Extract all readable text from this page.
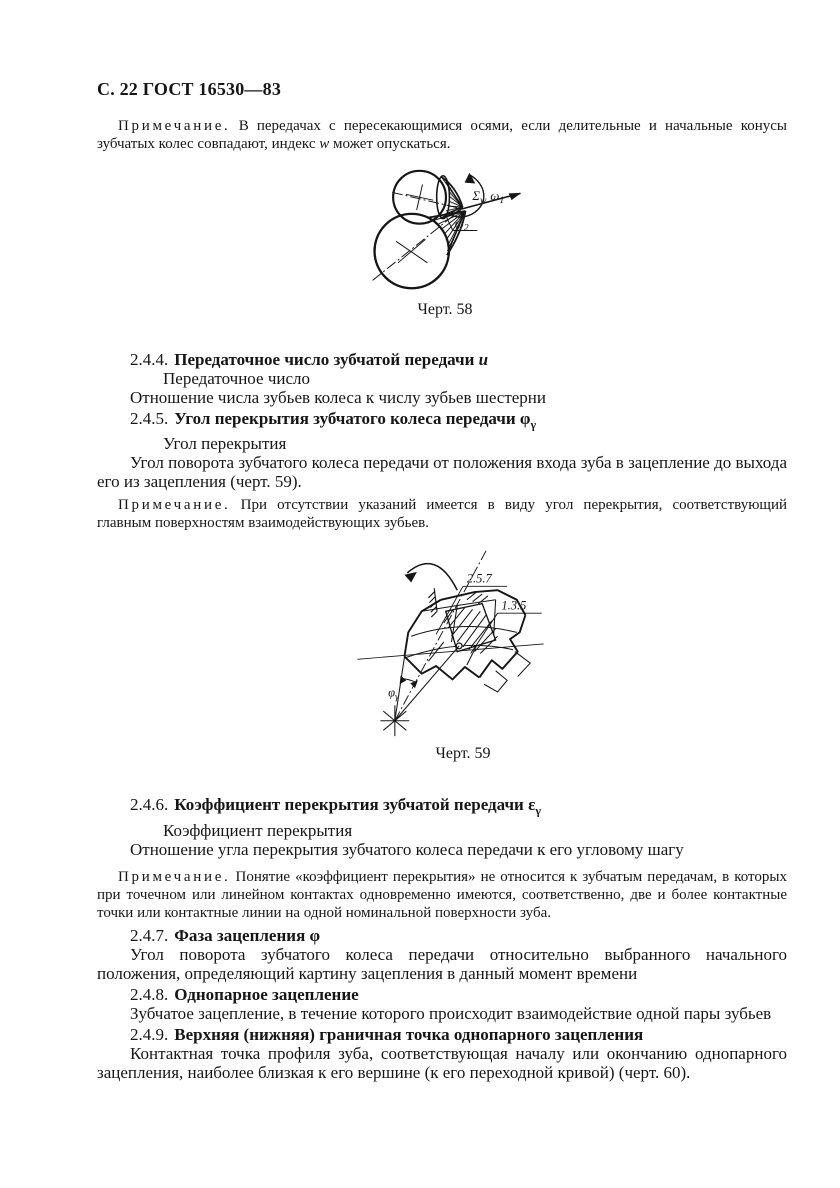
С. 22 ГОСТ 16530—83

Примечание. В передачах с пересекающимися осями, если делительные и начальные конусы зубчатых колес совпадают, индекс w может опускаться.

$\Sigma_w$ $\omega_1$
$\omega_2$
Черт. 58

2.4.4. Передаточное число зубчатой передачи u

Передаточное число

Отношение числа зубьев колеса к числу зубьев шестерни

2.4.5. Угол перекрытия зубчатого колеса передачи $\varphi_\gamma$

Угол перекрытия

Угол поворота зубчатого колеса передачи от положения входа зуба в зацепление до выхода его из зацепления (черт. 59).

Примечание. При отсутствии указаний имеется в виду угол перекрытия, соответствующий главным поверхностям взаимодействующих зубьев.

2.5.7
1.3.5
$\varphi_\gamma$
Черт. 59

2.4.6. Коэффициент перекрытия зубчатой передачи $\varepsilon_\gamma$

Коэффициент перекрытия

Отношение угла перекрытия зубчатого колеса передачи к его угловому шагу

Примечание. Понятие «коэффициент перекрытия» не относится к зубчатым передачам, в которых при точечном или линейном контактах одновременно имеются, соответственно, две и более контактные точки или контактные линии на одной номинальной поверхности зуба.

2.4.7. Фаза зацепления φ

Угол поворота зубчатого колеса передачи относительно выбранного начального положения, определяющий картину зацепления в данный момент времени

2.4.8. Однопарное зацепление

Зубчатое зацепление, в течение которого происходит взаимодействие одной пары зубьев

2.4.9. Верхняя (нижняя) граничная точка однопарного зацепления

Контактная точка профиля зуба, соответствующая началу или окончанию однопарного зацепления, наиболее близкая к его вершине (к его переходной кривой) (черт. 60).
